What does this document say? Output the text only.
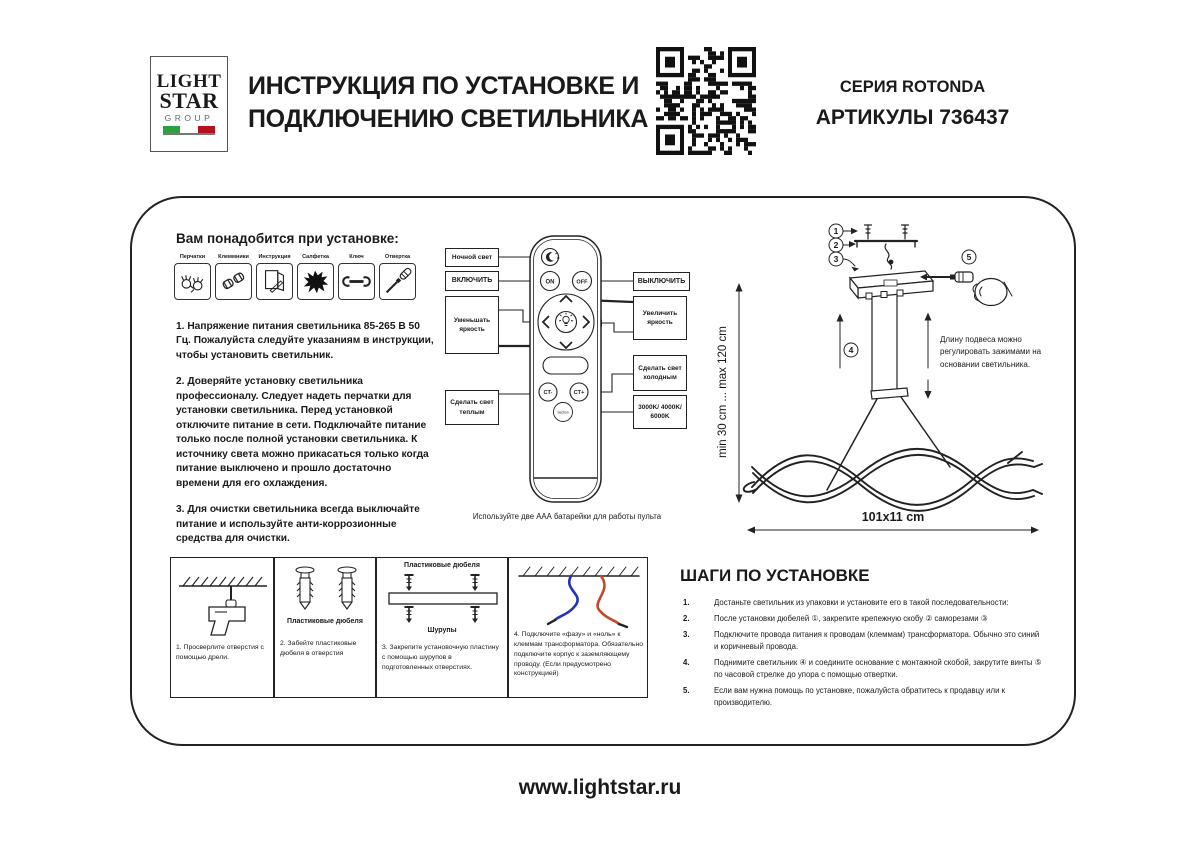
LIGHT
STAR
GROUP
ИНСТРУКЦИЯ ПО УСТАНОВКЕ И
ПОДКЛЮЧЕНИЮ СВЕТИЛЬНИКА
СЕРИЯ ROTONDA
АРТИКУЛЫ 736437
Вам понадобится при установке:
Перчатки Клеммники Инструкция Салфетка	Ключ	Отвертка

1. Напряжение питания светильника 85-265 В 50 Гц. Пожалуйста следуйте указаниям в инструкции, чтобы установить светильник.

2. Доверяйте установку светильника профессионалу. Следует надеть перчатки для установки светильника. Перед установкой отключите питание в сети. Подключайте питание только после полной установки светильника. К источнику света можно прикасаться только когда питание выключено и прошло достаточно времени для его охлаждения.

3. Для очистки светильника всегда выключайте питание и используйте анти-коррозионные средства для очистки.

ON	OFF
CT-	CT+
Section
Ночной свет
ВКЛЮЧИТЬ
Уменьшать яркость
Сделать свет теплым
ВЫКЛЮЧИТЬ
Увеличить яркость
Сделать свет холодным
3000K/ 4000K/ 6000K
Используйте две ААА батарейки для работы пульта
1
2
3
4
5
min 30 cm ... max 120 cm
101x11 cm
Длину подвеса можно регулировать зажимами на основании светильника.
1. Просверлите отверстия с помощью дрели.
Пластиковые дюбеля
2. Забейте пластиковые дюбеля в отверстия
Пластиковые дюбеля
Шурупы
3. Закрепите установочную пластину с помощью шурупов в подготовленных отверстиях.
4. Подключите «фазу» и «ноль» к клеммам трансформатора. Обязательно подключите корпус к заземляющему проводу. (Если предусмотрено конструкцией)
ШАГИ ПО УСТАНОВКЕ
1.	Достаньте светильник из упаковки и установите его в такой последовательности:
2.	После установки дюбелей ①, закрепите крепежную скобу ② саморезами ③
3.	Подключите провода питания к проводам (клеммам) трансформатора. Обычно это синий и коричневый провода.
4.	Поднимите светильник ④ и соедините основание с монтажной скобой, закрутите винты ⑤ по часовой стрелке до упора с помощью отвертки.
5.	Если вам нужна помощь по установке, пожалуйста обратитесь к продавцу или к производителю.
www.lightstar.ru
